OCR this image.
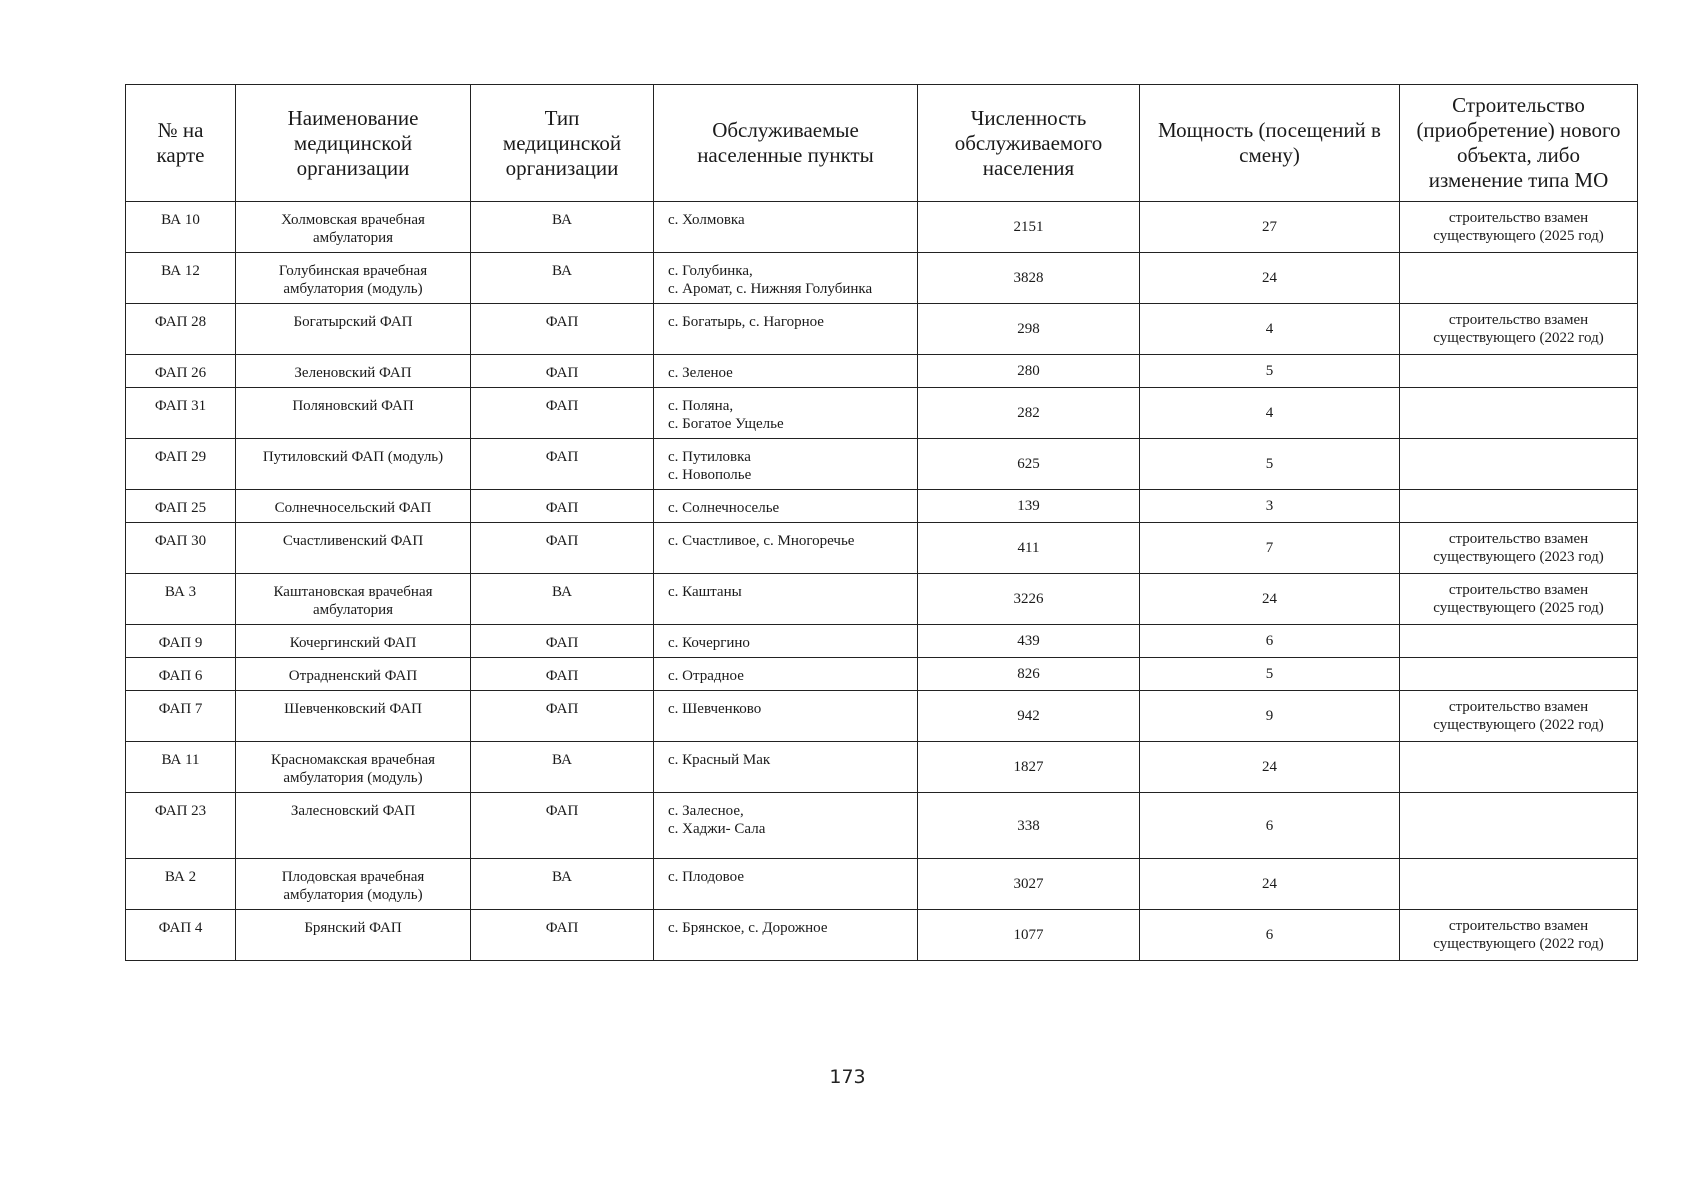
№ на
карте	Наименование
медицинской
организации	Тип
медицинской
организации	Обслуживаемые
населенные пункты	Численность
обслуживаемого
населения	Мощность (посещений в
смену)	Строительство
(приобретение) нового
объекта, либо
изменение типа МО
ВА 10	Холмовская врачебная
амбулатория	ВА	с. Холмовка	2151	27	строительство взамен
существующего (2025 год)
ВА 12	Голубинская врачебная
амбулатория (модуль)	ВА	с. Голубинка,
с. Аромат, с. Нижняя Голубинка	3828	24	
ФАП 28	Богатырский ФАП	ФАП	с. Богатырь, с. Нагорное	298	4	строительство взамен
существующего (2022 год)
ФАП 26	Зеленовский ФАП	ФАП	с. Зеленое	280	5	
ФАП 31	Поляновский ФАП	ФАП	с. Поляна,
с. Богатое Ущелье	282	4	
ФАП 29	Путиловский ФАП (модуль)	ФАП	с. Путиловка
с. Новополье	625	5	
ФАП 25	Солнечносельский ФАП	ФАП	с. Солнечноселье	139	3	
ФАП 30	Счастливенский ФАП	ФАП	с. Счастливое, с. Многоречье	411	7	строительство взамен
существующего (2023 год)
ВА 3	Каштановская врачебная
амбулатория	ВА	с. Каштаны	3226	24	строительство взамен
существующего (2025 год)
ФАП 9	Кочергинский ФАП	ФАП	с. Кочергино	439	6	
ФАП 6	Отрадненский ФАП	ФАП	с. Отрадное	826	5	
ФАП 7	Шевченковский ФАП	ФАП	с. Шевченково	942	9	строительство взамен
существующего (2022 год)
ВА 11	Красномакская врачебная
амбулатория (модуль)	ВА	с. Красный Мак	1827	24	
ФАП 23	Залесновский ФАП	ФАП	с. Залесное,
с. Хаджи- Сала	338	6	
ВА 2	Плодовская врачебная
амбулатория (модуль)	ВА	с. Плодовое	3027	24	
ФАП 4	Брянский ФАП	ФАП	с. Брянское, с. Дорожное	1077	6	строительство взамен
существующего (2022 год)
173
